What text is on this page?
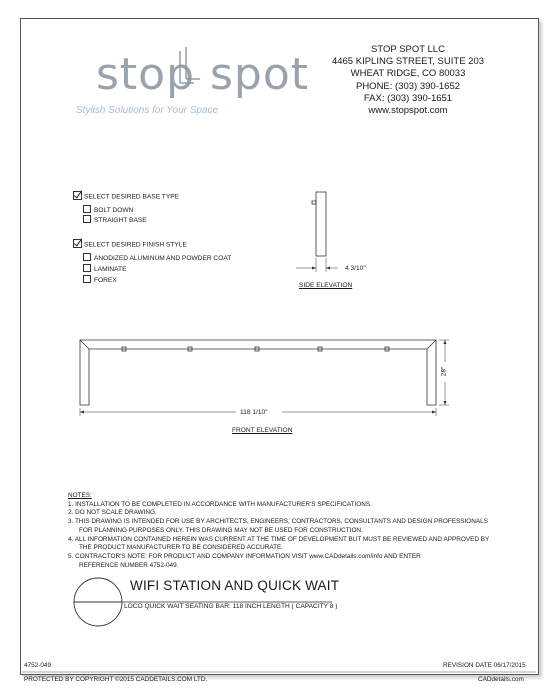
stop spot
Stylish Solutions for Your Space
STOP SPOT LLC
4465 KIPLING STREET, SUITE 203
WHEAT RIDGE, CO 80033
PHONE: (303) 390-1652
FAX: (303) 390-1651
www.stopspot.com
SELECT DESIRED BASE TYPE
BOLT DOWN
STRAIGHT BASE
SELECT DESIRED FINISH STYLE
ANODIZED ALUMINUM AND POWDER COAT
LAMINATE
FOREX
4 3/10"
SIDE ELEVATION
118 1/10"
28"
FRONT ELEVATION
NOTES:
1. INSTALLATION TO BE COMPLETED IN ACCORDANCE WITH MANUFACTURER'S SPECIFICATIONS.
2. DO NOT SCALE DRAWING.
3. THIS DRAWING IS INTENDED FOR USE BY ARCHITECTS, ENGINEERS, CONTRACTORS, CONSULTANTS AND DESIGN PROFESSIONALS
FOR PLANNING PURPOSES ONLY. THIS DRAWING MAY NOT BE USED FOR CONSTRUCTION.
4. ALL INFORMATION CONTAINED HEREIN WAS CURRENT AT THE TIME OF DEVELOPMENT BUT MUST BE REVIEWED AND APPROVED BY
THE PRODUCT MANUFACTURER TO BE CONSIDERED ACCURATE.
5. CONTRACTOR'S NOTE: FOR PRODUCT AND COMPANY INFORMATION VISIT www.CADdetails.com/info AND ENTER
REFERENCE NUMBER 4752-049.
WIFI STATION AND QUICK WAIT
LOCO QUICK WAIT SEATING BAR: 118 INCH LENGTH ( CAPACITY 8 )
4752-049	REVISION DATE 06/17/2015
PROTECTED BY COPYRIGHT ©2015 CADDETAILS.COM LTD.	CADdetails.com
